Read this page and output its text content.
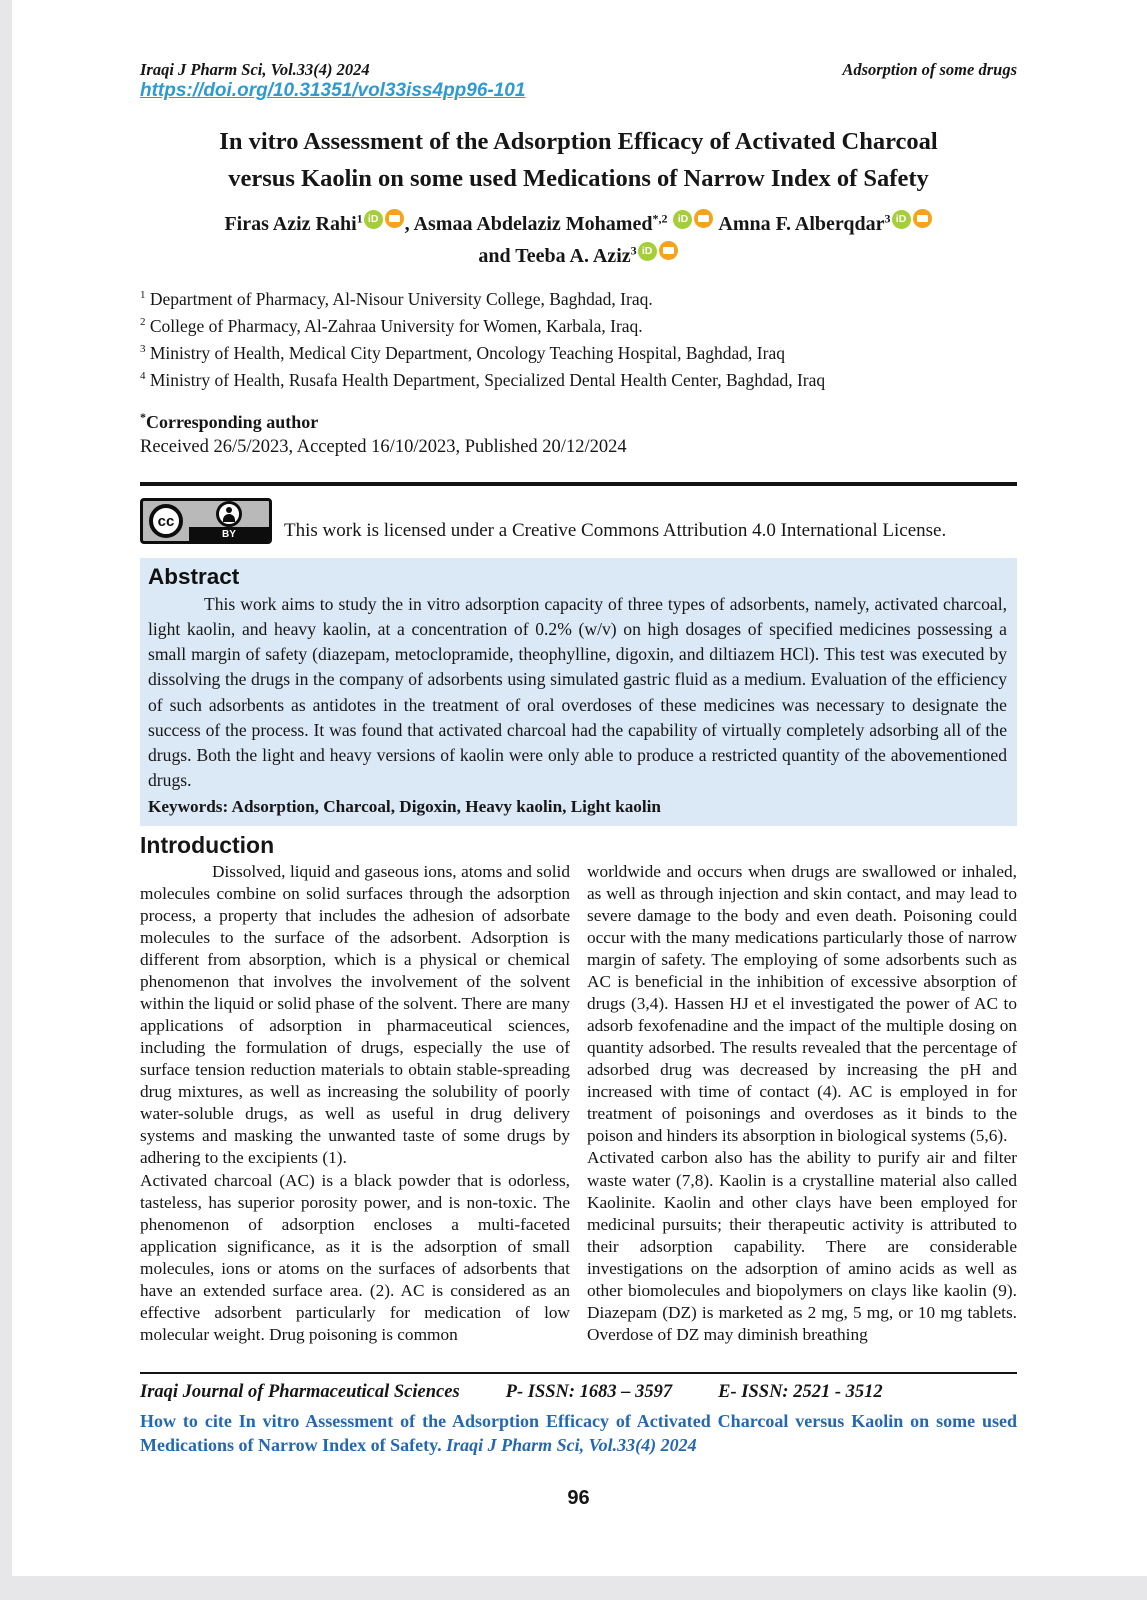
Iraqi J Pharm Sci, Vol.33(4) 2024	Adsorption of some drugs
https://doi.org/10.31351/vol33iss4pp96-101
In vitro Assessment of the Adsorption Efficacy of Activated Charcoal
versus Kaolin on some used Medications of Narrow Index of Safety
Firas Aziz Rahi$^1$ iD , Asmaa Abdelaziz Mohamed$^{*,2}$ iD Amna F. Alberqdar$^3$ iD

and Teeba A. Aziz$^3$ iD
$^1$ Department of Pharmacy, Al-Nisour University College, Baghdad, Iraq.
$^2$ College of Pharmacy, Al-Zahraa University for Women, Karbala, Iraq.
$^3$ Ministry of Health, Medical City Department, Oncology Teaching Hospital, Baghdad, Iraq
$^4$ Ministry of Health, Rusafa Health Department, Specialized Dental Health Center, Baghdad, Iraq
*Corresponding author
Received 26/5/2023, Accepted 16/10/2023, Published 20/12/2024
cc
BY	This work is licensed under a Creative Commons Attribution 4.0 International License.
Abstract

This work aims to study the in vitro adsorption capacity of three types of adsorbents, namely, activated charcoal, light kaolin, and heavy kaolin, at a concentration of 0.2% (w/v) on high dosages of specified medicines possessing a small margin of safety (diazepam, metoclopramide, theophylline, digoxin, and diltiazem HCl). This test was executed by dissolving the drugs in the company of adsorbents using simulated gastric fluid as a medium. Evaluation of the efficiency of such adsorbents as antidotes in the treatment of oral overdoses of these medicines was necessary to designate the success of the process. It was found that activated charcoal had the capability of virtually completely adsorbing all of the drugs. Both the light and heavy versions of kaolin were only able to produce a restricted quantity of the abovementioned drugs.

Keywords: Adsorption, Charcoal, Digoxin, Heavy kaolin, Light kaolin

Introduction

Dissolved, liquid and gaseous ions, atoms and solid molecules combine on solid surfaces through the adsorption process, a property that includes the adhesion of adsorbate molecules to the surface of the adsorbent. Adsorption is different from absorption, which is a physical or chemical phenomenon that involves the involvement of the solvent within the liquid or solid phase of the solvent. There are many applications of adsorption in pharmaceutical sciences, including the formulation of drugs, especially the use of surface tension reduction materials to obtain stable-spreading drug mixtures, as well as increasing the solubility of poorly water-soluble drugs, as well as useful in drug delivery systems and masking the unwanted taste of some drugs by adhering to the excipients (1).

Activated charcoal (AC) is a black powder that is odorless, tasteless, has superior porosity power, and is non-toxic. The phenomenon of adsorption encloses a multi-faceted application significance, as it is the adsorption of small molecules, ions or atoms on the surfaces of adsorbents that have an extended surface area. (2). AC is considered as an effective adsorbent particularly for medication of low molecular weight. Drug poisoning is common

worldwide and occurs when drugs are swallowed or inhaled, as well as through injection and skin contact, and may lead to severe damage to the body and even death. Poisoning could occur with the many medications particularly those of narrow margin of safety. The employing of some adsorbents such as AC is beneficial in the inhibition of excessive absorption of drugs (3,4). Hassen HJ et el investigated the power of AC to adsorb fexofenadine and the impact of the multiple dosing on quantity adsorbed. The results revealed that the percentage of adsorbed drug was decreased by increasing the pH and increased with time of contact (4). AC is employed in for treatment of poisonings and overdoses as it binds to the poison and hinders its absorption in biological systems (5,6).

Activated carbon also has the ability to purify air and filter waste water (7,8). Kaolin is a crystalline material also called Kaolinite. Kaolin and other clays have been employed for medicinal pursuits; their therapeutic activity is attributed to their adsorption capability. There are considerable investigations on the adsorption of amino acids as well as other biomolecules and biopolymers on clays like kaolin (9). Diazepam (DZ) is marketed as 2 mg, 5 mg, or 10 mg tablets. Overdose of DZ may diminish breathing

Iraqi Journal of Pharmaceutical Sciences P- ISSN: 1683 – 3597 E- ISSN: 2521 - 3512
How to cite In vitro Assessment of the Adsorption Efficacy of Activated Charcoal versus Kaolin on some used Medications of Narrow Index of Safety. Iraqi J Pharm Sci, Vol.33(4) 2024
96
